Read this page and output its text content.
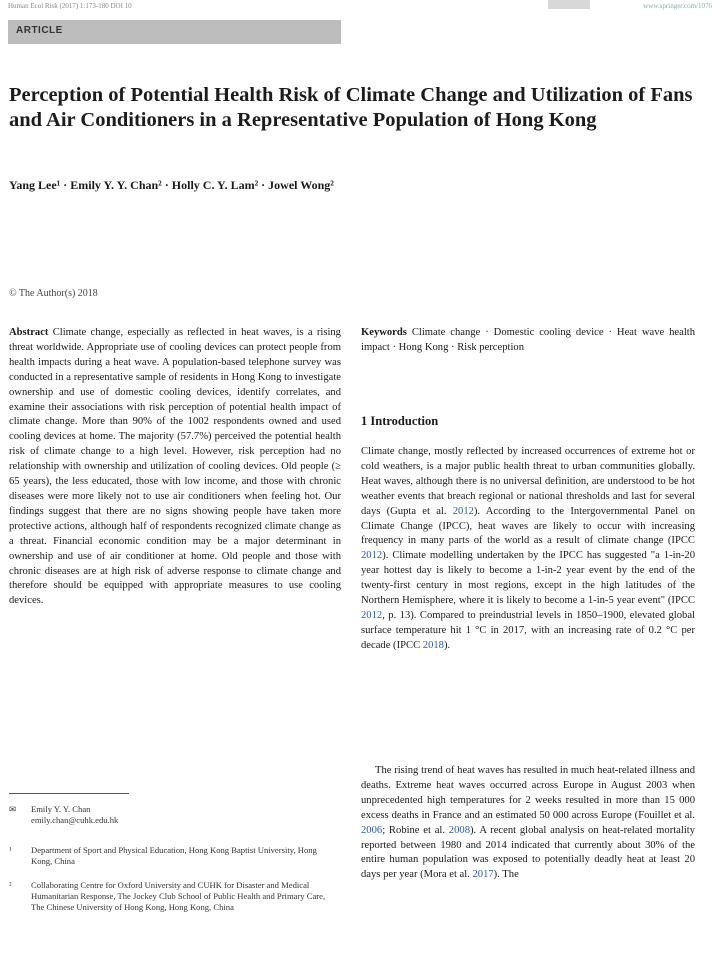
Human Ecol Risk (2017) 1:173-180 DOI 10	www.springer.com/1076
ARTICLE
Perception of Potential Health Risk of Climate Change and Utilization of Fans and Air Conditioners in a Representative Population of Hong Kong
Yang Lee¹ · Emily Y. Y. Chan² · Holly C. Y. Lam² · Jowel Wong²
© The Author(s) 2018

Abstract Climate change, especially as reflected in heat waves, is a rising threat worldwide. Appropriate use of cooling devices can protect people from health impacts during a heat wave. A population-based telephone survey was conducted in a representative sample of residents in Hong Kong to investigate ownership and use of domestic cooling devices, identify correlates, and examine their associations with risk perception of potential health impact of climate change. More than 90% of the 1002 respondents owned and used cooling devices at home. The majority (57.7%) perceived the potential health risk of climate change to a high level. However, risk perception had no relationship with ownership and utilization of cooling devices. Old people (≥ 65 years), the less educated, those with low income, and those with chronic diseases were more likely not to use air conditioners when feeling hot. Our findings suggest that there are no signs showing people have taken more protective actions, although half of respondents recognized climate change as a threat. Financial economic condition may be a major determinant in ownership and use of air conditioner at home. Old people and those with chronic diseases are at high risk of adverse response to climate change and therefore should be equipped with appropriate measures to use cooling devices.

Keywords Climate change · Domestic cooling device · Heat wave health impact · Hong Kong · Risk perception

1 Introduction

Climate change, mostly reflected by increased occurrences of extreme hot or cold weathers, is a major public health threat to urban communities globally. Heat waves, although there is no universal definition, are understood to be hot weather events that breach regional or national thresholds and last for several days (Gupta et al. 2012). According to the Intergovernmental Panel on Climate Change (IPCC), heat waves are likely to occur with increasing frequency in many parts of the world as a result of climate change (IPCC 2012). Climate modelling undertaken by the IPCC has suggested "a 1-in-20 year hottest day is likely to become a 1-in-2 year event by the end of the twenty-first century in most regions, except in the high latitudes of the Northern Hemisphere, where it is likely to become a 1-in-5 year event" (IPCC 2012, p. 13). Compared to preindustrial levels in 1850–1900, elevated global surface temperature hit 1 °C in 2017, with an increasing rate of 0.2 °C per decade (IPCC 2018).

The rising trend of heat waves has resulted in much heat-related illness and deaths. Extreme heat waves occurred across Europe in August 2003 when unprecedented high temperatures for 2 weeks resulted in more than 15 000 excess deaths in France and an estimated 50 000 across Europe (Fouillet et al. 2006; Robine et al. 2008). A recent global analysis on heat-related mortality reported between 1980 and 2014 indicated that currently about 30% of the entire human population was exposed to potentially deadly heat at least 20 days per year (Mora et al. 2017). The

✉ Emily Y. Y. Chan
emily.chan@cuhk.edu.hk
¹ Department of Sport and Physical Education, Hong Kong Baptist University, Hong Kong, China
² Collaborating Centre for Oxford University and CUHK for Disaster and Medical Humanitarian Response, The Jockey Club School of Public Health and Primary Care, The Chinese University of Hong Kong, Hong Kong, China
